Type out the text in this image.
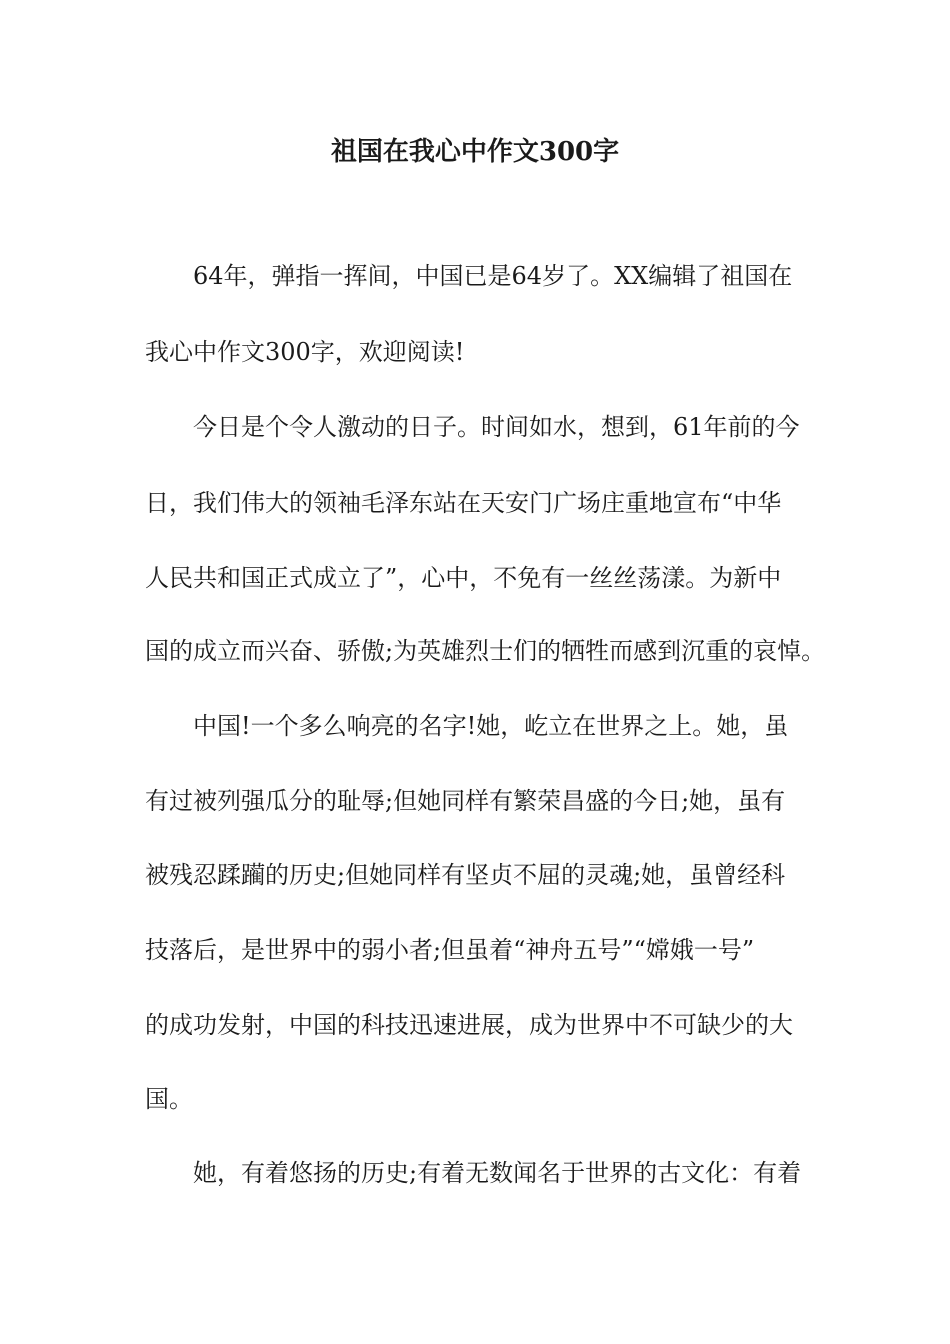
祖国在我心中作文300字
64年，弹指一挥间，中国已是64岁了。XX编辑了祖国在
我心中作文300字，欢迎阅读!
今日是个令人激动的日子。时间如水，想到，61年前的今
日，我们伟大的领袖毛泽东站在天安门广场庄重地宣布“中华
人民共和国正式成立了”，心中，不免有一丝丝荡漾。为新中
国的成立而兴奋、骄傲;为英雄烈士们的牺牲而感到沉重的哀悼。
中国!一个多么响亮的名字!她，屹立在世界之上。她，虽
有过被列强瓜分的耻辱;但她同样有繁荣昌盛的今日;她，虽有
被残忍蹂躏的历史;但她同样有坚贞不屈的灵魂;她，虽曾经科
技落后，是世界中的弱小者;但虽着“神舟五号”“嫦娥一号”
的成功发射，中国的科技迅速进展，成为世界中不可缺少的大
国。
她，有着悠扬的历史;有着无数闻名于世界的古文化：有着
